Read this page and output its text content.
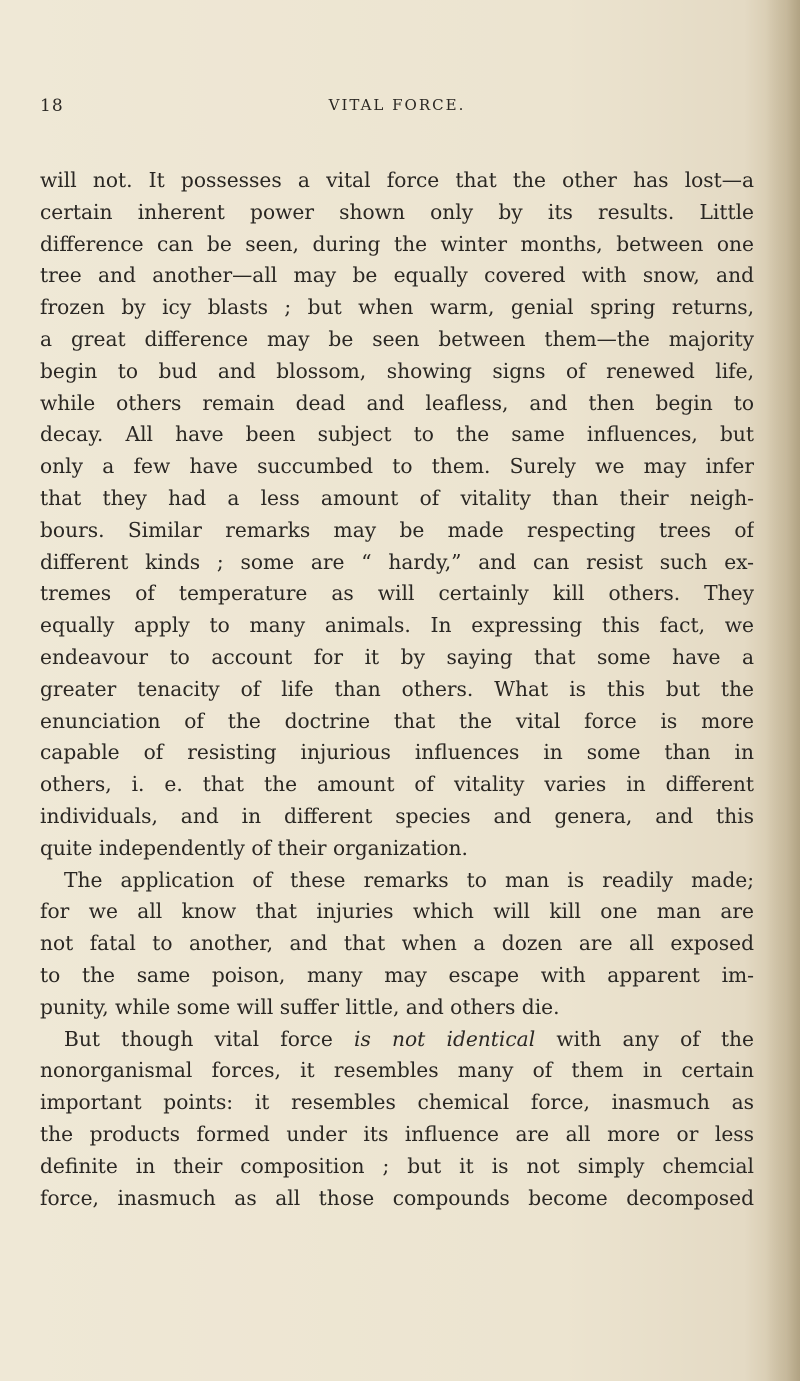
18	VITAL FORCE.
will not. It possesses a vital force that the other has lost—a
certain inherent power shown only by its results. Little
difference can be seen, during the winter months, between one
tree and another—all may be equally covered with snow, and
frozen by icy blasts ; but when warm, genial spring returns,
a great difference may be seen between them—the majority
begin to bud and blossom, showing signs of renewed life,
while others remain dead and leafless, and then begin to
decay. All have been subject to the same influences, but
only a few have succumbed to them. Surely we may infer
that they had a less amount of vitality than their neigh-
bours. Similar remarks may be made respecting trees of
different kinds ; some are “ hardy,” and can resist such ex-
tremes of temperature as will certainly kill others. They
equally apply to many animals. In expressing this fact, we
endeavour to account for it by saying that some have a
greater tenacity of life than others. What is this but the
enunciation of the doctrine that the vital force is more
capable of resisting injurious influences in some than in
others, i. e. that the amount of vitality varies in different
individuals, and in different species and genera, and this
quite independently of their organization.
The application of these remarks to man is readily made;
for we all know that injuries which will kill one man are
not fatal to another, and that when a dozen are all exposed
to the same poison, many may escape with apparent im-
punity, while some will suffer little, and others die.
But though vital force is not identical with any of the
nonorganismal forces, it resembles many of them in certain
important points: it resembles chemical force, inasmuch as
the products formed under its influence are all more or less
definite in their composition ; but it is not simply chemcial
force, inasmuch as all those compounds become decomposed
